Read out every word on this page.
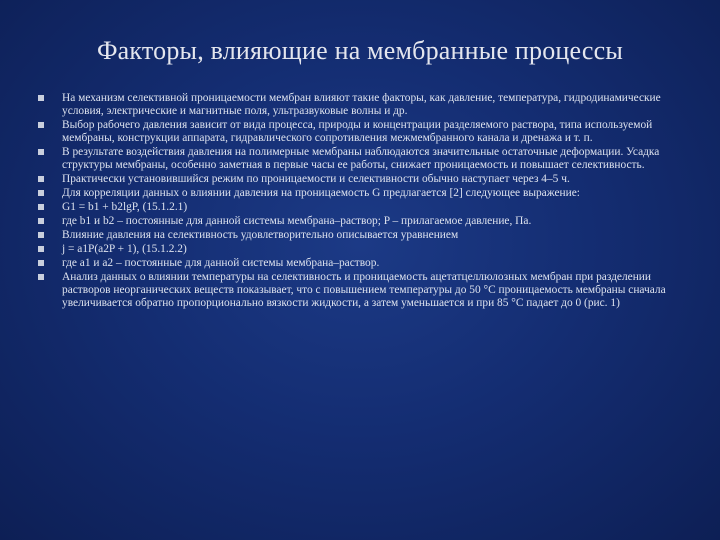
Факторы, влияющие на мембранные процессы
На механизм селективной проницаемости мембран влияют такие факторы, как давление, температура, гидродинамические условия, электрические и магнитные поля, ультразвуковые волны и др.
Выбор рабочего давления зависит от вида процесса, природы и концентрации разделяемого раствора, типа используемой мембраны, конструкции аппарата, гидравлического сопротивления межмембранного канала и дренажа и т. п.
В результате воздействия давления на полимерные мембраны наблюдаются значительные остаточные деформации. Усадка структуры мембраны, особенно заметная в первые часы ее работы, снижает проницаемость и повышает селективность.
Практически установившийся режим по проницаемости и селективности обычно наступает через 4–5 ч.
Для корреляции данных о влиянии давления на проницаемость G предлагается [2] следующее выражение:
G1 = b1 + b2lgP, (15.1.2.1)
где b1 и b2 – постоянные для данной системы мембрана–раствор; P – прилагаемое давление, Па.
Влияние давления на селективность удовлетворительно описывается уравнением
j = a1P(a2P + 1), (15.1.2.2)
где a1 и a2 – постоянные для данной системы мембрана–раствор.
Анализ данных о влиянии температуры на селективность и проницаемость ацетатцеллюлозных мембран при разделении растворов неорганических веществ показывает, что с повышением температуры до 50 °С проницаемость мембраны сначала увеличивается обратно пропорционально вязкости жидкости, а затем уменьшается и при 85 °С падает до 0 (рис. 1)
